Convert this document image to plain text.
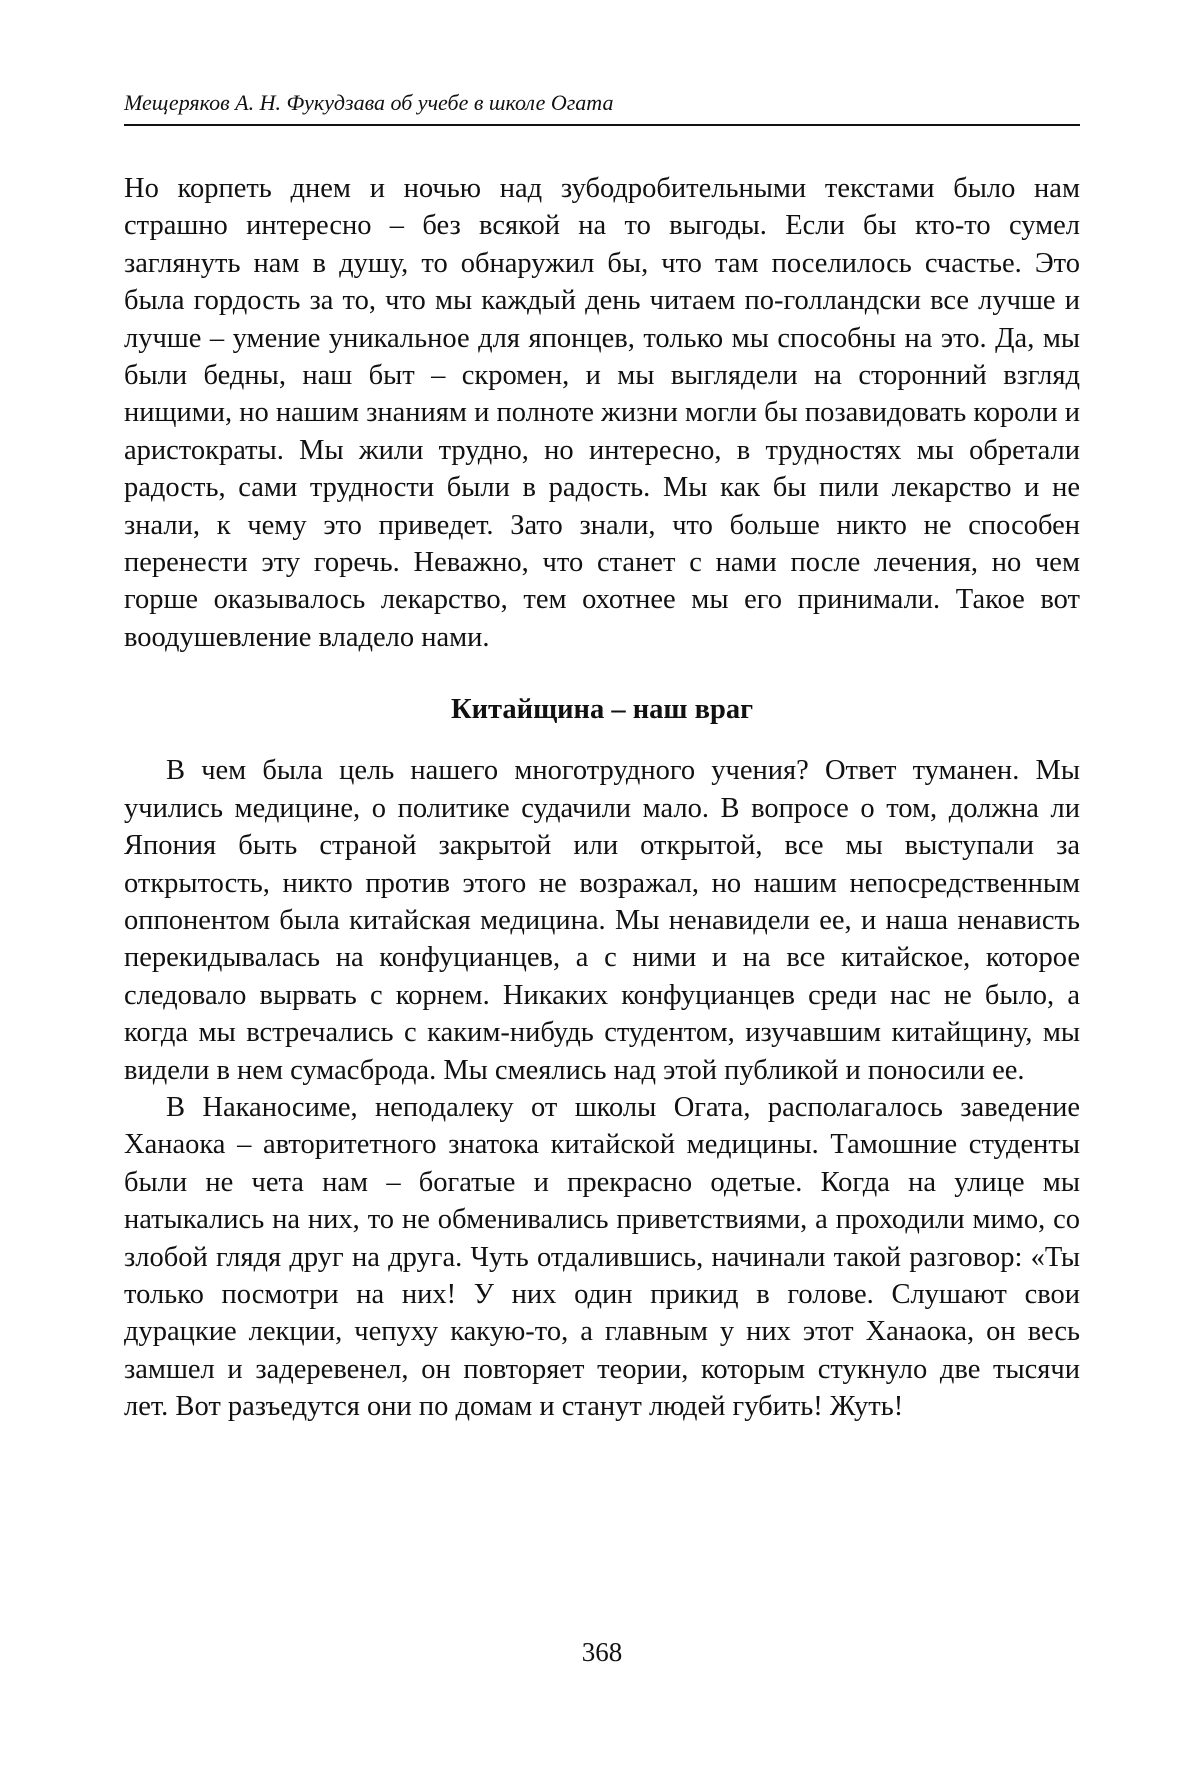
Мещеряков А. Н. Фукудзава об учебе в школе Огата

Но корпеть днем и ночью над зубодробительными текстами было нам страшно интересно – без всякой на то выгоды. Если бы кто-то сумел заглянуть нам в душу, то обнаружил бы, что там поселилось счастье. Это была гордость за то, что мы каждый день читаем по-голландски все лучше и лучше – умение уникальное для японцев, только мы способны на это. Да, мы были бедны, наш быт – скромен, и мы выглядели на сторонний взгляд нищими, но нашим знаниям и полноте жизни могли бы позавидовать короли и аристократы. Мы жили трудно, но интересно, в трудностях мы обретали радость, сами трудности были в радость. Мы как бы пили лекарство и не знали, к чему это приведет. Зато знали, что больше никто не способен перенести эту горечь. Неважно, что станет с нами после лечения, но чем горше оказывалось лекарство, тем охотнее мы его принимали. Такое вот воодушевление владело нами.

Китайщина – наш враг

В чем была цель нашего многотрудного учения? Ответ туманен. Мы учились медицине, о политике судачили мало. В вопросе о том, должна ли Япония быть страной закрытой или открытой, все мы выступали за открытость, никто против этого не возражал, но нашим непосредственным оппонентом была китайская медицина. Мы ненавидели ее, и наша ненависть перекидывалась на конфуцианцев, а с ними и на все китайское, которое следовало вырвать с корнем. Никаких конфуцианцев среди нас не было, а когда мы встречались с каким-нибудь студентом, изучавшим китайщину, мы видели в нем сумасброда. Мы смеялись над этой публикой и поносили ее.

В Наканосиме, неподалеку от школы Огата, располагалось заведение Ханаока – авторитетного знатока китайской медицины. Тамошние студенты были не чета нам – богатые и прекрасно одетые. Когда на улице мы натыкались на них, то не обменивались приветствиями, а проходили мимо, со злобой глядя друг на друга. Чуть отдалившись, начинали такой разговор: «Ты только посмотри на них! У них один прикид в голове. Слушают свои дурацкие лекции, чепуху какую-то, а главным у них этот Ханаока, он весь замшел и задеревенел, он повторяет теории, которым стукнуло две тысячи лет. Вот разъедутся они по домам и станут людей губить! Жуть!

368
